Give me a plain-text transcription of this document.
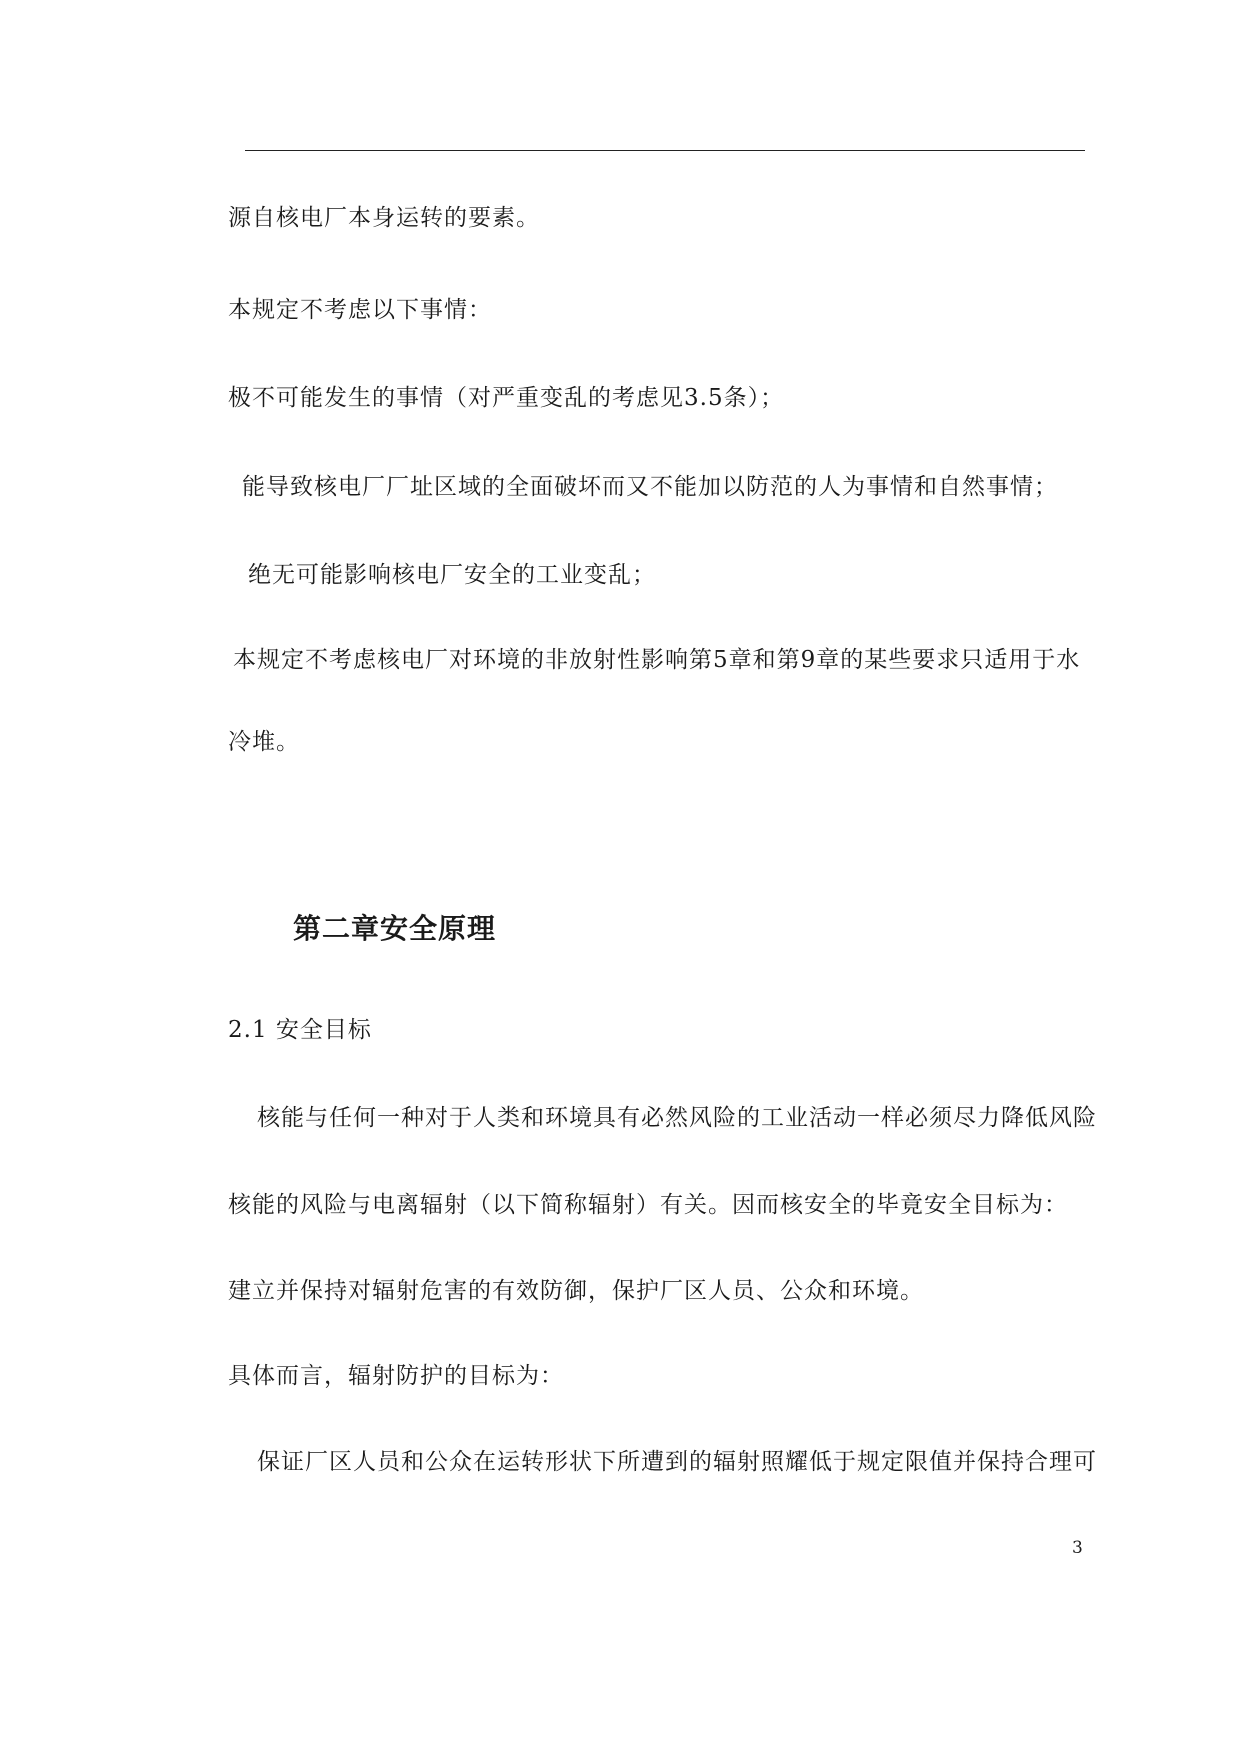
源自核电厂本身运转的要素。
本规定不考虑以下事情：
极不可能发生的事情（对严重变乱的考虑见3.5条）；
能导致核电厂厂址区域的全面破坏而又不能加以防范的人为事情和自然事情；
绝无可能影响核电厂安全的工业变乱；
本规定不考虑核电厂对环境的非放射性影响第5章和第9章的某些要求只适用于水
冷堆。
第二章安全原理
2.1 安全目标
核能与任何一种对于人类和环境具有必然风险的工业活动一样必须尽力降低风险
核能的风险与电离辐射（以下简称辐射）有关。因而核安全的毕竟安全目标为：
建立并保持对辐射危害的有效防御，保护厂区人员、公众和环境。
具体而言，辐射防护的目标为：
保证厂区人员和公众在运转形状下所遭到的辐射照耀低于规定限值并保持合理可
3
